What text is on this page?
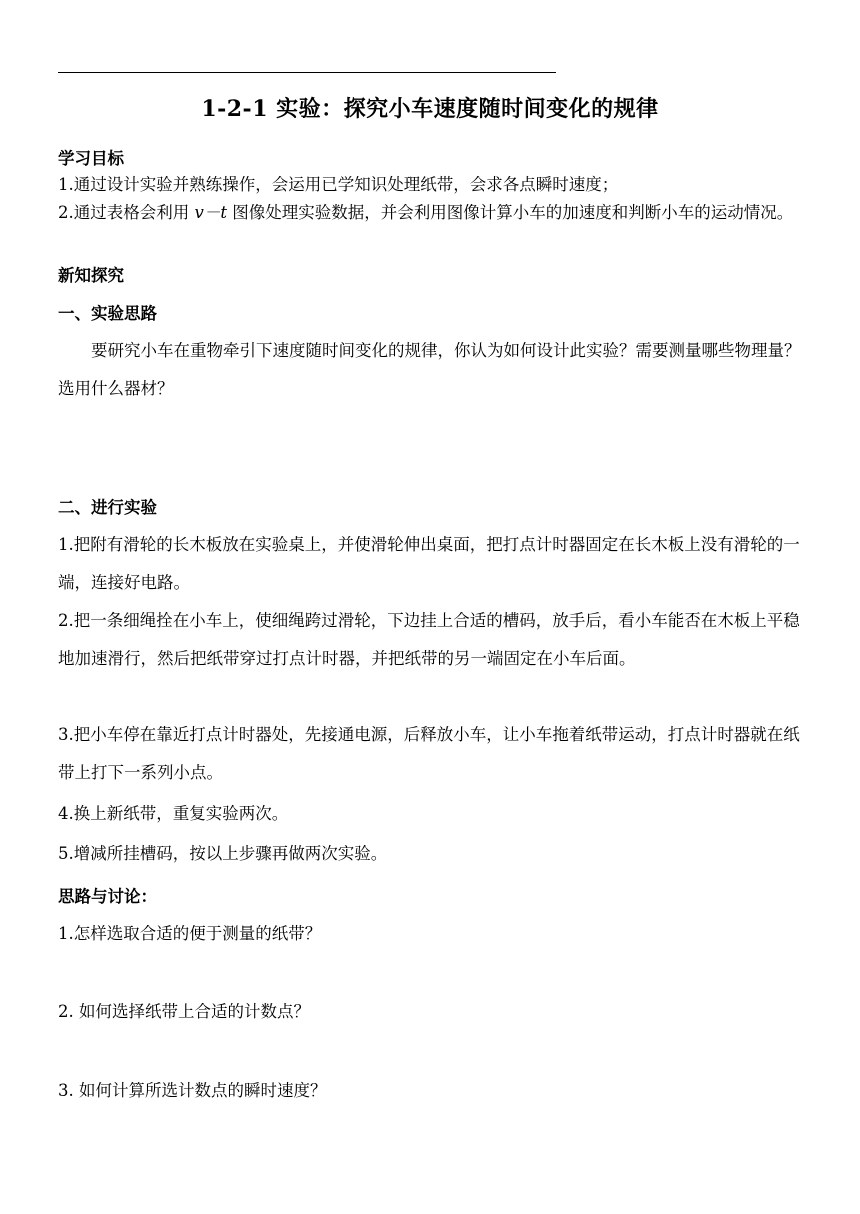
1-2-1 实验：探究小车速度随时间变化的规律
学习目标

1.通过设计实验并熟练操作，会运用已学知识处理纸带，会求各点瞬时速度；

2.通过表格会利用 v－t 图像处理实验数据，并会利用图像计算小车的加速度和判断小车的运动情况。

新知探究
一、实验思路

要研究小车在重物牵引下速度随时间变化的规律，你认为如何设计此实验？需要测量哪些物理量？选用什么器材？

二、进行实验

1.把附有滑轮的长木板放在实验桌上，并使滑轮伸出桌面，把打点计时器固定在长木板上没有滑轮的一端，连接好电路。

2.把一条细绳拴在小车上，使细绳跨过滑轮，下边挂上合适的槽码，放手后，看小车能否在木板上平稳地加速滑行，然后把纸带穿过打点计时器，并把纸带的另一端固定在小车后面。

3.把小车停在靠近打点计时器处，先接通电源，后释放小车，让小车拖着纸带运动，打点计时器就在纸带上打下一系列小点。

4.换上新纸带，重复实验两次。

5.增减所挂槽码，按以上步骤再做两次实验。

思路与讨论：

1.怎样选取合适的便于测量的纸带？

2. 如何选择纸带上合适的计数点？

3. 如何计算所选计数点的瞬时速度？
